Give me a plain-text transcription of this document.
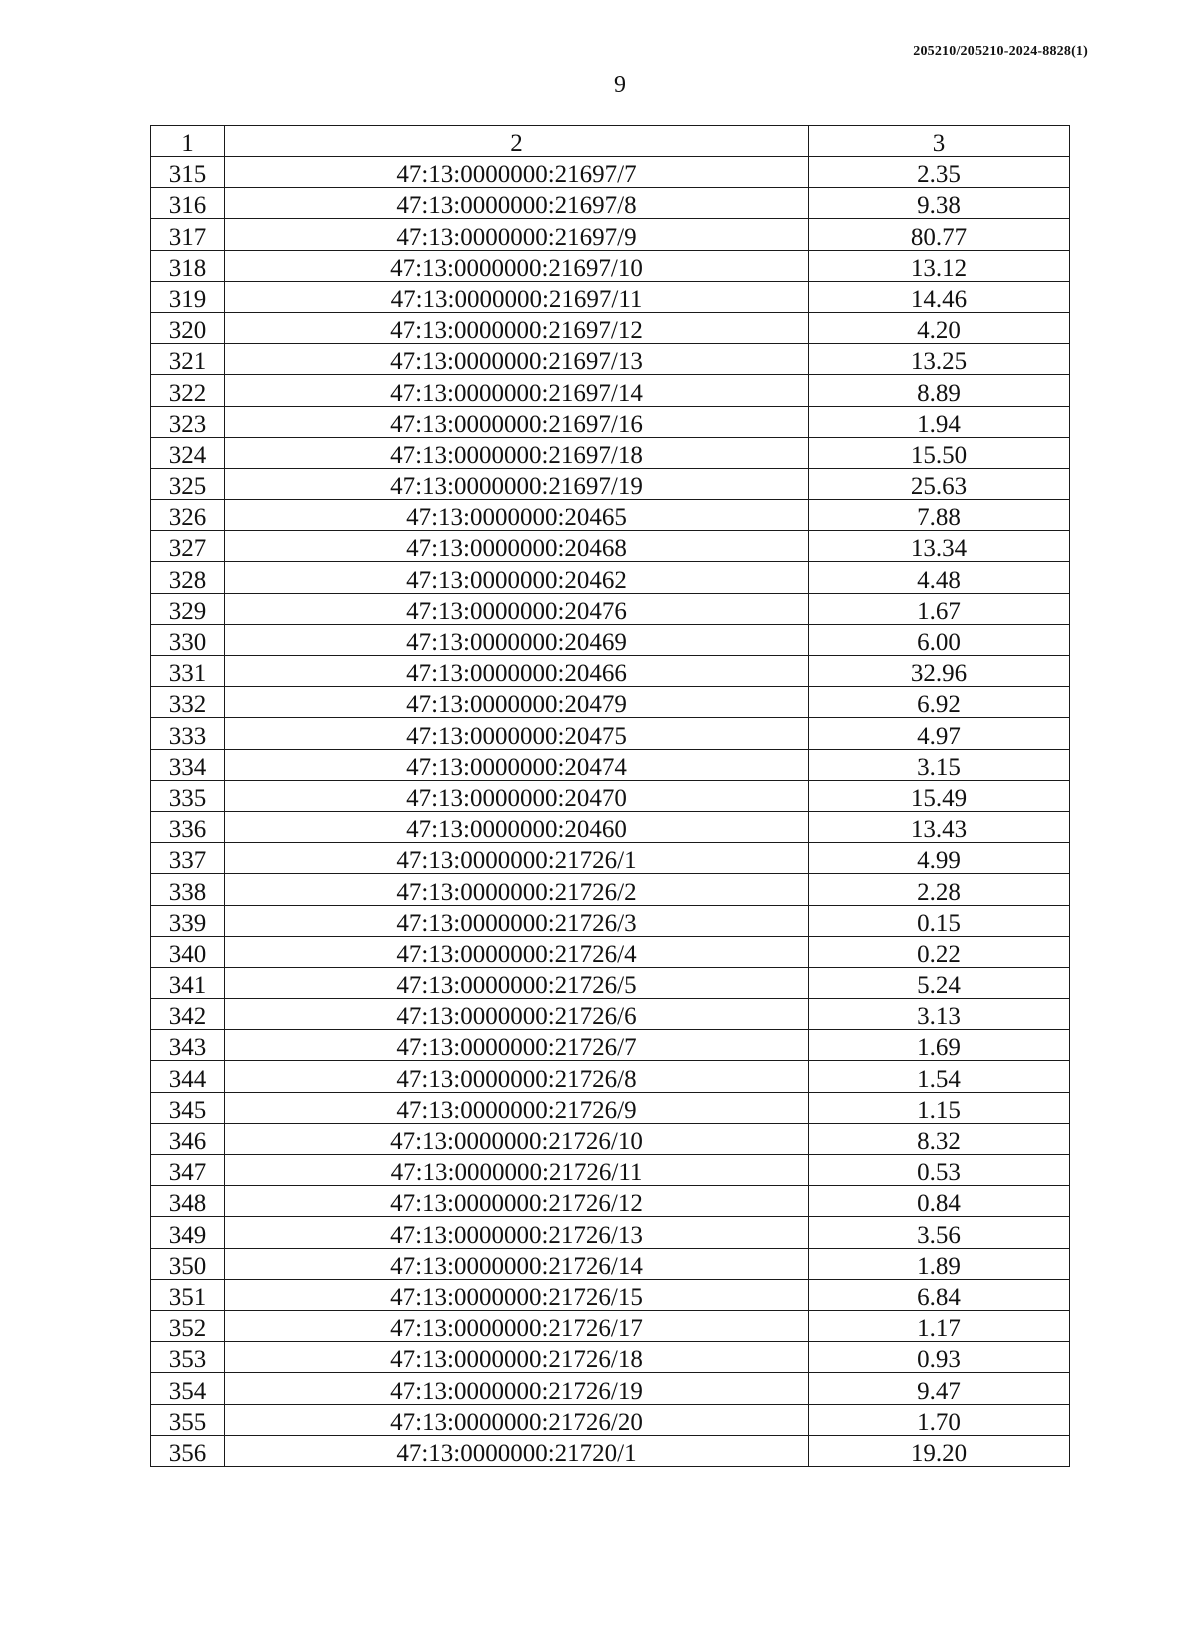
205210/205210-2024-8828(1)
9
1	2	3
315	47:13:0000000:21697/7	2.35
316	47:13:0000000:21697/8	9.38
317	47:13:0000000:21697/9	80.77
318	47:13:0000000:21697/10	13.12
319	47:13:0000000:21697/11	14.46
320	47:13:0000000:21697/12	4.20
321	47:13:0000000:21697/13	13.25
322	47:13:0000000:21697/14	8.89
323	47:13:0000000:21697/16	1.94
324	47:13:0000000:21697/18	15.50
325	47:13:0000000:21697/19	25.63
326	47:13:0000000:20465	7.88
327	47:13:0000000:20468	13.34
328	47:13:0000000:20462	4.48
329	47:13:0000000:20476	1.67
330	47:13:0000000:20469	6.00
331	47:13:0000000:20466	32.96
332	47:13:0000000:20479	6.92
333	47:13:0000000:20475	4.97
334	47:13:0000000:20474	3.15
335	47:13:0000000:20470	15.49
336	47:13:0000000:20460	13.43
337	47:13:0000000:21726/1	4.99
338	47:13:0000000:21726/2	2.28
339	47:13:0000000:21726/3	0.15
340	47:13:0000000:21726/4	0.22
341	47:13:0000000:21726/5	5.24
342	47:13:0000000:21726/6	3.13
343	47:13:0000000:21726/7	1.69
344	47:13:0000000:21726/8	1.54
345	47:13:0000000:21726/9	1.15
346	47:13:0000000:21726/10	8.32
347	47:13:0000000:21726/11	0.53
348	47:13:0000000:21726/12	0.84
349	47:13:0000000:21726/13	3.56
350	47:13:0000000:21726/14	1.89
351	47:13:0000000:21726/15	6.84
352	47:13:0000000:21726/17	1.17
353	47:13:0000000:21726/18	0.93
354	47:13:0000000:21726/19	9.47
355	47:13:0000000:21726/20	1.70
356	47:13:0000000:21720/1	19.20
